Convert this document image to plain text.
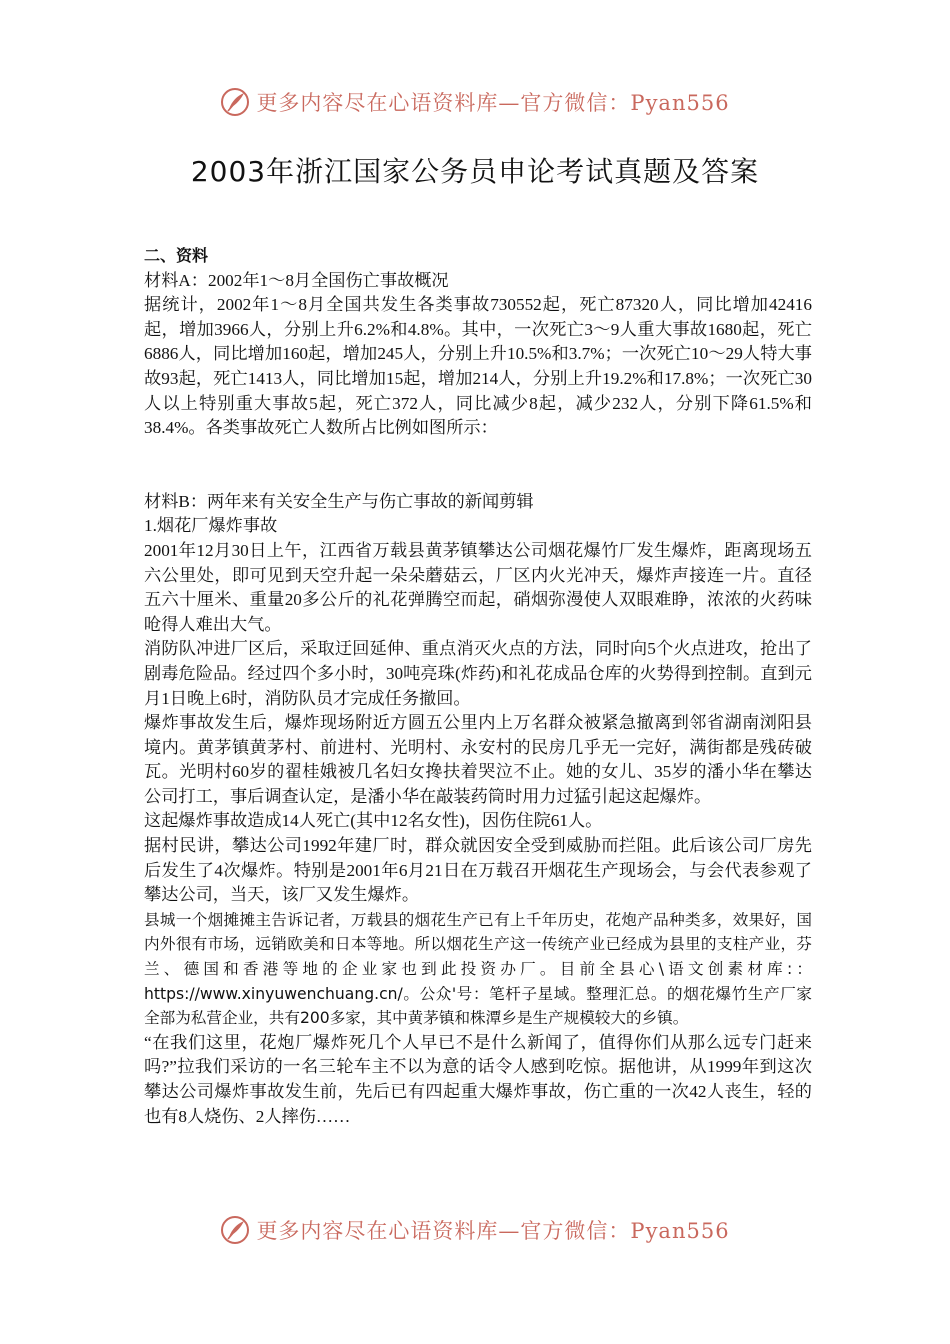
更多内容尽在心语资料库—官方微信：Pyan556
2003年浙江国家公务员申论考试真题及答案

二、资料

材料A：2002年1～8月全国伤亡事故概况

据统计，2002年1～8月全国共发生各类事故730552起，死亡87320人，同比增加42416起，增加3966人，分别上升6.2%和4.8%。其中，一次死亡3～9人重大事故1680起，死亡6886人，同比增加160起，增加245人，分别上升10.5%和3.7%；一次死亡10～29人特大事故93起，死亡1413人，同比增加15起，增加214人，分别上升19.2%和17.8%；一次死亡30人以上特别重大事故5起，死亡372人，同比减少8起，减少232人，分别下降61.5%和38.4%。各类事故死亡人数所占比例如图所示：

材料B：两年来有关安全生产与伤亡事故的新闻剪辑

1.烟花厂爆炸事故

2001年12月30日上午，江西省万载县黄茅镇攀达公司烟花爆竹厂发生爆炸，距离现场五六公里处，即可见到天空升起一朵朵蘑菇云，厂区内火光冲天，爆炸声接连一片。直径五六十厘米、重量20多公斤的礼花弹腾空而起，硝烟弥漫使人双眼难睁，浓浓的火药味呛得人难出大气。

消防队冲进厂区后，采取迂回延伸、重点消灭火点的方法，同时向5个火点进攻，抢出了剧毒危险品。经过四个多小时，30吨亮珠(炸药)和礼花成品仓库的火势得到控制。直到元月1日晚上6时，消防队员才完成任务撤回。

爆炸事故发生后，爆炸现场附近方圆五公里内上万名群众被紧急撤离到邻省湖南浏阳县境内。黄茅镇黄茅村、前进村、光明村、永安村的民房几乎无一完好，满街都是残砖破瓦。光明村60岁的翟桂娥被几名妇女搀扶着哭泣不止。她的女儿、35岁的潘小华在攀达公司打工，事后调查认定，是潘小华在敲装药筒时用力过猛引起这起爆炸。

这起爆炸事故造成14人死亡(其中12名女性)，因伤住院61人。

据村民讲，攀达公司1992年建厂时，群众就因安全受到威胁而拦阻。此后该公司厂房先后发生了4次爆炸。特别是2001年6月21日在万载召开烟花生产现场会，与会代表参观了攀达公司，当天，该厂又发生爆炸。

县城一个烟摊摊主告诉记者，万载县的烟花生产已有上千年历史，花炮产品种类多，效果好，国内外很有市场，远销欧美和日本等地。所以烟花生产这一传统产业已经成为县里的支柱产业，芬兰、德国和香港等地的企业家也到此投资办厂。目前全县心\语文创素材库:：https://www.xinyuwenchuang.cn/。公众'号：笔杆子星域。整理汇总。的烟花爆竹生产厂家全部为私营企业，共有200多家，其中黄茅镇和株潭乡是生产规模较大的乡镇。

“在我们这里，花炮厂爆炸死几个人早已不是什么新闻了，值得你们从那么远专门赶来吗?”拉我们采访的一名三轮车主不以为意的话令人感到吃惊。据他讲，从1999年到这次攀达公司爆炸事故发生前，先后已有四起重大爆炸事故，伤亡重的一次42人丧生，轻的也有8人烧伤、2人摔伤……

更多内容尽在心语资料库—官方微信：Pyan556
